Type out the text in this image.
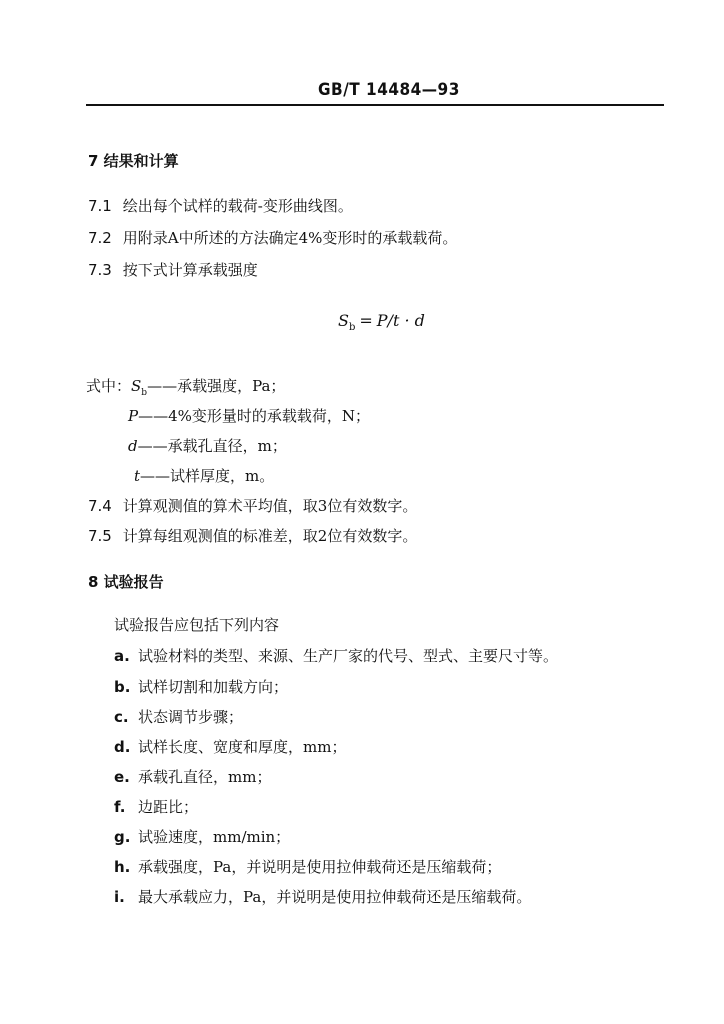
GB/T 14484—93
7 结果和计算
7.1 绘出每个试样的载荷-变形曲线图。
7.2 用附录A中所述的方法确定4%变形时的承载载荷。
7.3 按下式计算承载强度
$S_b = P/t \cdot d$
式中：$S_b——$承载强度，Pa；
P——4%变形量时的承载载荷，N；
d——承载孔直径，m；
t——试样厚度，m。
7.4 计算观测值的算术平均值，取3位有效数字。
7.5 计算每组观测值的标准差，取2位有效数字。
8 试验报告
试验报告应包括下列内容
a. 试验材料的类型、来源、生产厂家的代号、型式、主要尺寸等。
b. 试样切割和加载方向；
c. 状态调节步骤；
d. 试样长度、宽度和厚度，mm；
e. 承载孔直径，mm；
f. 边距比；
g. 试验速度，mm/min；
h. 承载强度，Pa，并说明是使用拉伸载荷还是压缩载荷；
i. 最大承载应力，Pa，并说明是使用拉伸载荷还是压缩载荷。
